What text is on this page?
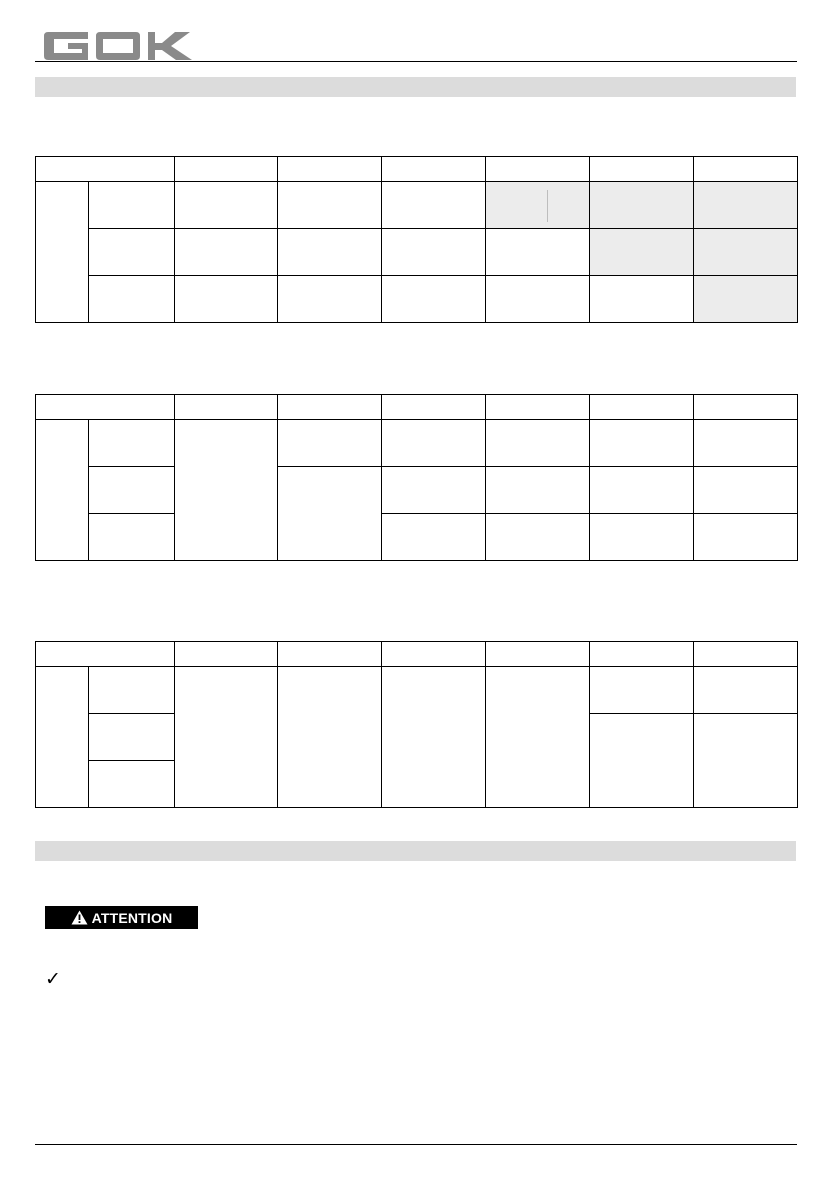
ATTENTION
✓
